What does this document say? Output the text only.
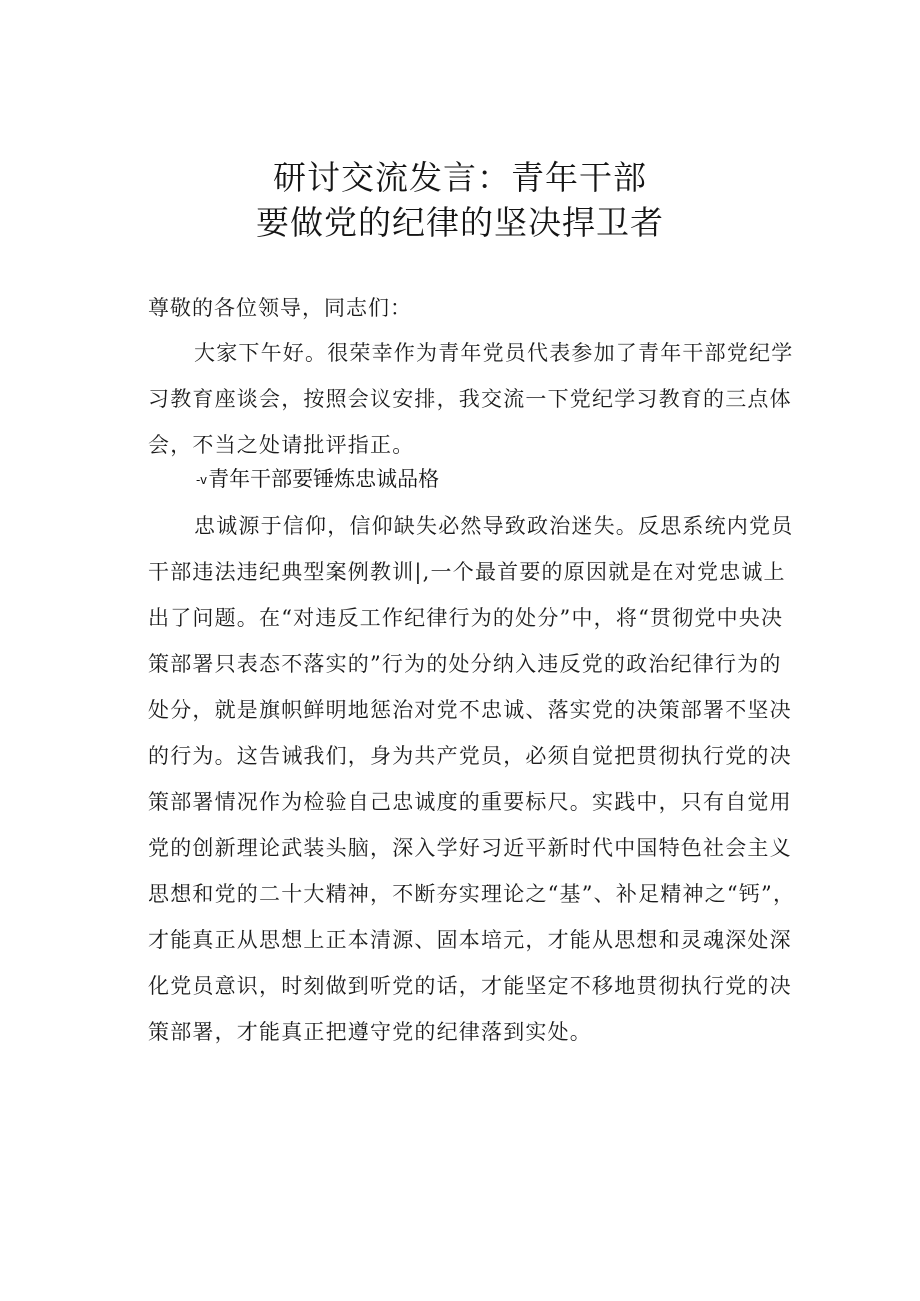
研讨交流发言：青年干部
要做党的纪律的坚决捍卫者
尊敬的各位领导，同志们：
大家下午好。很荣幸作为青年党员代表参加了青年干部党纪学习教育座谈会，按照会议安排，我交流一下党纪学习教育的三点体会，不当之处请批评指正。
-v青年干部要锤炼忠诚品格
忠诚源于信仰，信仰缺失必然导致政治迷失。反思系统内党员干部违法违纪典型案例教训|,一个最首要的原因就是在对党忠诚上出了问题。在“对违反工作纪律行为的处分”中，将“贯彻党中央决策部署只表态不落实的”行为的处分纳入违反党的政治纪律行为的处分，就是旗帜鲜明地惩治对党不忠诚、落实党的决策部署不坚决的行为。这告诫我们，身为共产党员，必须自觉把贯彻执行党的决策部署情况作为检验自己忠诚度的重要标尺。实践中，只有自觉用党的创新理论武装头脑，深入学好习近平新时代中国特色社会主义思想和党的二十大精神，不断夯实理论之“基”、补足精神之“钙”，才能真正从思想上正本清源、固本培元，才能从思想和灵魂深处深化党员意识，时刻做到听党的话，才能坚定不移地贯彻执行党的决策部署，才能真正把遵守党的纪律落到实处。
